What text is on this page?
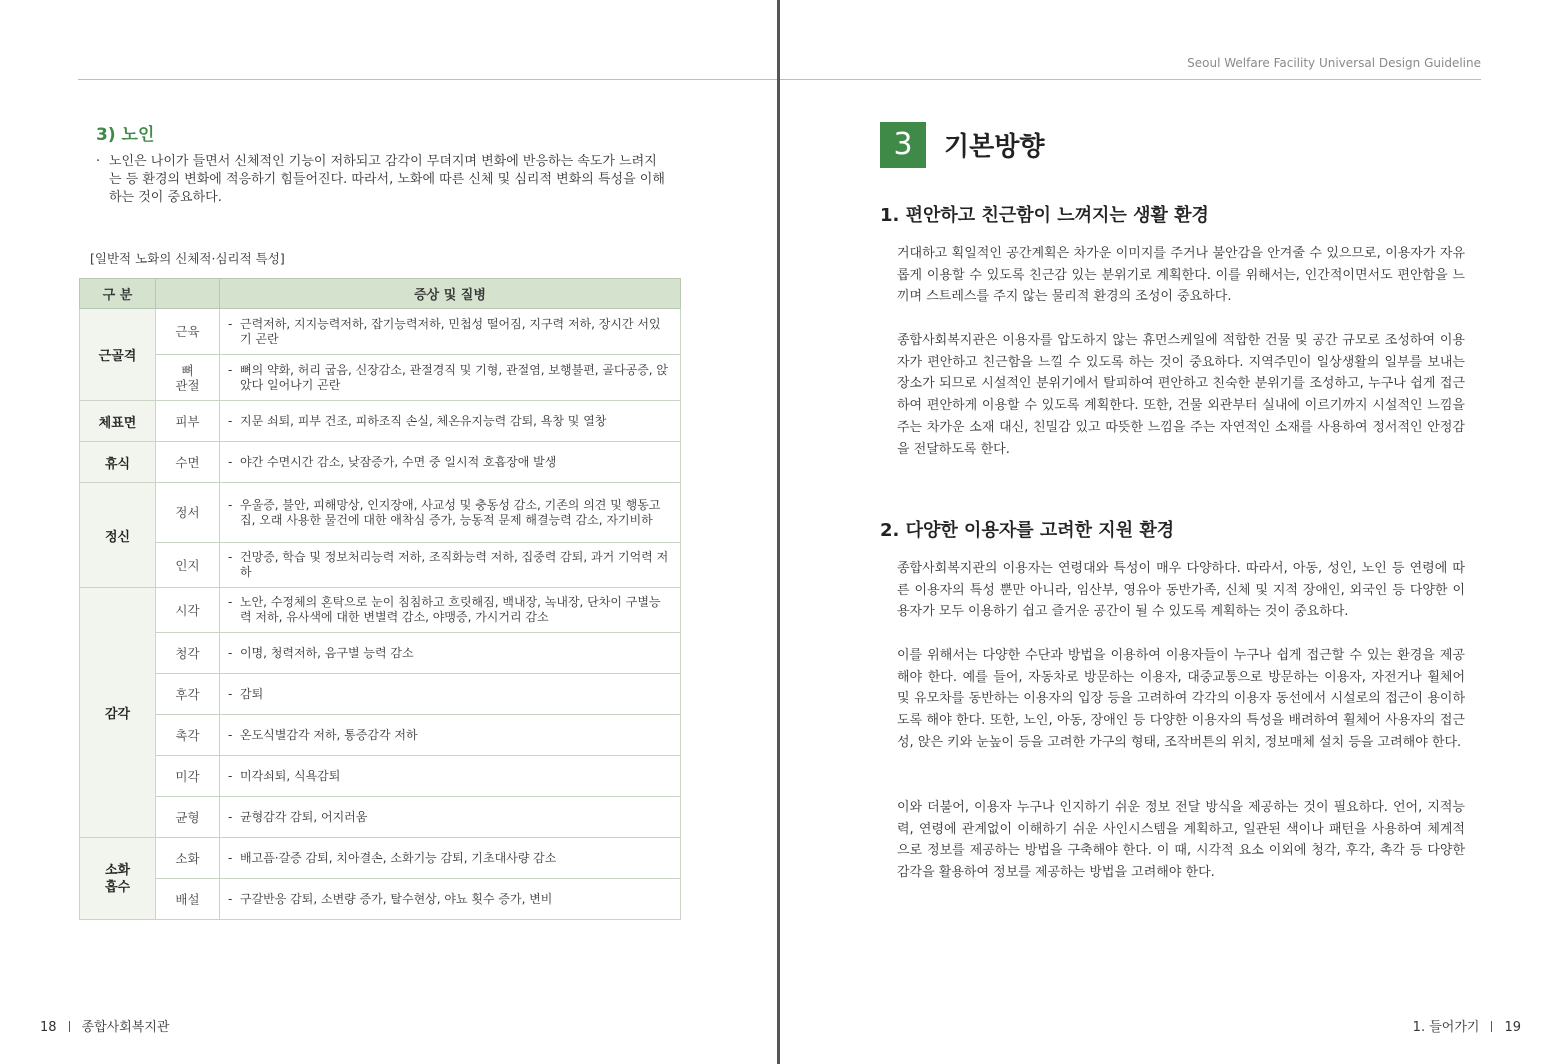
Seoul Welfare Facility Universal Design Guideline
3) 노인
· 노인은 나이가 들면서 신체적인 기능이 저하되고 감각이 무뎌지며 변화에 반응하는 속도가 느려지는 등 환경의 변화에 적응하기 힘들어진다. 따라서, 노화에 따른 신체 및 심리적 변화의 특성을 이해하는 것이 중요하다.
[일반적 노화의 신체적·심리적 특성]
구 분		증상 및 질병
근골격	근육	- 근력저하, 지지능력저하, 잡기능력저하, 민첩성 떨어짐, 지구력 저하, 장시간 서있기 곤란

	뼈 관절	- 뼈의 약화, 허리 굽음, 신장감소, 관절경직 및 기형, 관절염, 보행불편, 골다공증, 앉았다 일어나기 곤란

체표면	피부	- 지문 쇠퇴, 피부 건조, 피하조직 손실, 체온유지능력 감퇴, 욕창 및 열창

휴식	수면	- 야간 수면시간 감소, 낮잠증가, 수면 중 일시적 호흡장애 발생

정신	정서	- 우울증, 불안, 피해망상, 인지장애, 사교성 및 충동성 감소, 기존의 의견 및 행동고집, 오래 사용한 물건에 대한 애착심 증가, 능동적 문제 해결능력 감소, 자기비하

	인지	- 건망증, 학습 및 정보처리능력 저하, 조직화능력 저하, 집중력 감퇴, 과거 기억력 저하

감각	시각	- 노안, 수정체의 혼탁으로 눈이 침침하고 흐릿해짐, 백내장, 녹내장, 단차이 구별능력 저하, 유사색에 대한 변별력 감소, 야맹증, 가시거리 감소

	청각	- 이명, 청력저하, 음구별 능력 감소

	후각	- 감퇴

	촉각	- 온도식별감각 저하, 통증감각 저하

	미각	- 미각쇠퇴, 식욕감퇴

	균형	- 균형감각 감퇴, 어지러움

소화 흡수	소화	- 배고픔·갈증 감퇴, 치아결손, 소화기능 감퇴, 기초대사량 감소

	배설	- 구갈반응 감퇴, 소변량 증가, 탈수현상, 야뇨 횟수 증가, 변비
18 종합사회복지관
3	기본방향
1. 편안하고 친근함이 느껴지는 생활 환경
거대하고 획일적인 공간계획은 차가운 이미지를 주거나 불안감을 안겨줄 수 있으므로, 이용자가 자유롭게 이용할 수 있도록 친근감 있는 분위기로 계획한다. 이를 위해서는, 인간적이면서도 편안함을 느끼며 스트레스를 주지 않는 물리적 환경의 조성이 중요하다.
종합사회복지관은 이용자를 압도하지 않는 휴먼스케일에 적합한 건물 및 공간 규모로 조성하여 이용자가 편안하고 친근함을 느낄 수 있도록 하는 것이 중요하다. 지역주민이 일상생활의 일부를 보내는 장소가 되므로 시설적인 분위기에서 탈피하여 편안하고 친숙한 분위기를 조성하고, 누구나 쉽게 접근하여 편안하게 이용할 수 있도록 계획한다. 또한, 건물 외관부터 실내에 이르기까지 시설적인 느낌을 주는 차가운 소재 대신, 친밀감 있고 따뜻한 느낌을 주는 자연적인 소재를 사용하여 정서적인 안정감을 전달하도록 한다.
2. 다양한 이용자를 고려한 지원 환경
종합사회복지관의 이용자는 연령대와 특성이 매우 다양하다. 따라서, 아동, 성인, 노인 등 연령에 따른 이용자의 특성 뿐만 아니라, 임산부, 영유아 동반가족, 신체 및 지적 장애인, 외국인 등 다양한 이용자가 모두 이용하기 쉽고 즐거운 공간이 될 수 있도록 계획하는 것이 중요하다.
이를 위해서는 다양한 수단과 방법을 이용하여 이용자들이 누구나 쉽게 접근할 수 있는 환경을 제공해야 한다. 예를 들어, 자동차로 방문하는 이용자, 대중교통으로 방문하는 이용자, 자전거나 휠체어 및 유모차를 동반하는 이용자의 입장 등을 고려하여 각각의 이용자 동선에서 시설로의 접근이 용이하도록 해야 한다. 또한, 노인, 아동, 장애인 등 다양한 이용자의 특성을 배려하여 휠체어 사용자의 접근성, 앉은 키와 눈높이 등을 고려한 가구의 형태, 조작버튼의 위치, 정보매체 설치 등을 고려해야 한다.
이와 더불어, 이용자 누구나 인지하기 쉬운 정보 전달 방식을 제공하는 것이 필요하다. 언어, 지적능력, 연령에 관계없이 이해하기 쉬운 사인시스템을 계획하고, 일관된 색이나 패턴을 사용하여 체계적으로 정보를 제공하는 방법을 구축해야 한다. 이 때, 시각적 요소 이외에 청각, 후각, 촉각 등 다양한 감각을 활용하여 정보를 제공하는 방법을 고려해야 한다.
1. 들어가기 19
